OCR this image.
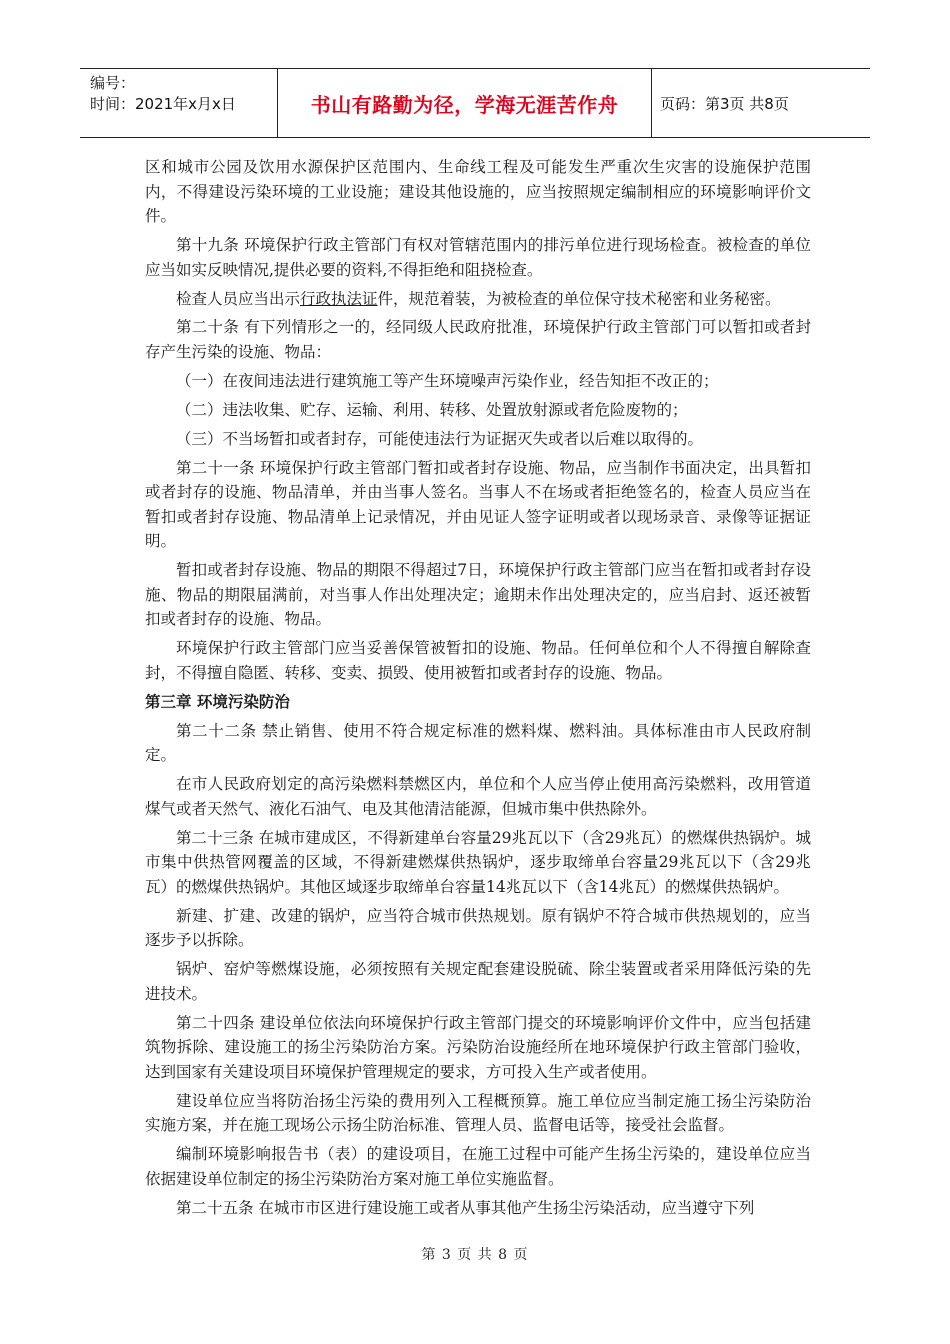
编号：
时间：2021年x月x日	书山有路勤为径，学海无涯苦作舟	页码：第3页 共8页

区和城市公园及饮用水源保护区范围内、生命线工程及可能发生严重次生灾害的设施保护范围内，不得建设污染环境的工业设施；建设其他设施的，应当按照规定编制相应的环境影响评价文件。

第十九条 环境保护行政主管部门有权对管辖范围内的排污单位进行现场检查。被检查的单位应当如实反映情况,提供必要的资料,不得拒绝和阻挠检查。

检查人员应当出示行政执法证件，规范着装，为被检查的单位保守技术秘密和业务秘密。

第二十条 有下列情形之一的，经同级人民政府批准，环境保护行政主管部门可以暂扣或者封存产生污染的设施、物品：

（一）在夜间违法进行建筑施工等产生环境噪声污染作业，经告知拒不改正的；

（二）违法收集、贮存、运输、利用、转移、处置放射源或者危险废物的；

（三）不当场暂扣或者封存，可能使违法行为证据灭失或者以后难以取得的。

第二十一条 环境保护行政主管部门暂扣或者封存设施、物品，应当制作书面决定，出具暂扣或者封存的设施、物品清单，并由当事人签名。当事人不在场或者拒绝签名的，检查人员应当在暂扣或者封存设施、物品清单上记录情况，并由见证人签字证明或者以现场录音、录像等证据证明。

暂扣或者封存设施、物品的期限不得超过7日，环境保护行政主管部门应当在暂扣或者封存设施、物品的期限届满前，对当事人作出处理决定；逾期未作出处理决定的，应当启封、返还被暂扣或者封存的设施、物品。

环境保护行政主管部门应当妥善保管被暂扣的设施、物品。任何单位和个人不得擅自解除查封，不得擅自隐匿、转移、变卖、损毁、使用被暂扣或者封存的设施、物品。

第三章 环境污染防治

第二十二条 禁止销售、使用不符合规定标准的燃料煤、燃料油。具体标准由市人民政府制定。

在市人民政府划定的高污染燃料禁燃区内，单位和个人应当停止使用高污染燃料，改用管道煤气或者天然气、液化石油气、电及其他清洁能源，但城市集中供热除外。

第二十三条 在城市建成区，不得新建单台容量29兆瓦以下（含29兆瓦）的燃煤供热锅炉。城市集中供热管网覆盖的区域，不得新建燃煤供热锅炉，逐步取缔单台容量29兆瓦以下（含29兆瓦）的燃煤供热锅炉。其他区域逐步取缔单台容量14兆瓦以下（含14兆瓦）的燃煤供热锅炉。

新建、扩建、改建的锅炉，应当符合城市供热规划。原有锅炉不符合城市供热规划的，应当逐步予以拆除。

锅炉、窑炉等燃煤设施，必须按照有关规定配套建设脱硫、除尘装置或者采用降低污染的先进技术。

第二十四条 建设单位依法向环境保护行政主管部门提交的环境影响评价文件中，应当包括建筑物拆除、建设施工的扬尘污染防治方案。污染防治设施经所在地环境保护行政主管部门验收，达到国家有关建设项目环境保护管理规定的要求，方可投入生产或者使用。

建设单位应当将防治扬尘污染的费用列入工程概预算。施工单位应当制定施工扬尘污染防治实施方案，并在施工现场公示扬尘防治标准、管理人员、监督电话等，接受社会监督。

编制环境影响报告书（表）的建设项目，在施工过程中可能产生扬尘污染的，建设单位应当依据建设单位制定的扬尘污染防治方案对施工单位实施监督。

第二十五条 在城市市区进行建设施工或者从事其他产生扬尘污染活动，应当遵守下列

第 3 页 共 8 页
